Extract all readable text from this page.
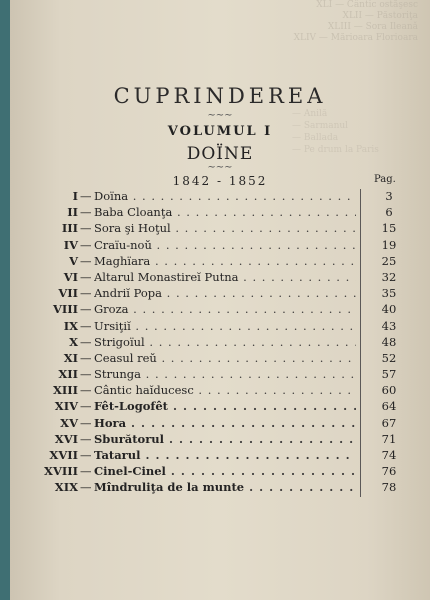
XLI — Cântic ostăşesc
XLII — Păstoriţa
XLIII — Sora Ileanǎ
XLIV — Mărioara Florioara
— Anilă
— Sarmanul
— Ballada
— Pe drum la Paris
CUPRINDEREA
∼∼∼
VOLUMUL I
DOÏNE
∼∼∼
1842 - 1852	Pag.
I — Doïna . . .	3
II — Baba Cloanţa . . .	6
III — Sora şi Hoţul . . .	15
IV — Craïu-noŭ . . .	19
V — Maghïara . . .	25
VI — Altarul Monastireĭ Putna . . .	32
VII — Andriĭ Popa . . .	35
VIII — Groza . . .	40
IX — Ursiţiĭ . . .	43
X — Strigoïul . . .	48
XI — Ceasul reŭ . . .	52
XII — Strunga . . .	57
XIII — Cântic haĭducesc . . .	60
XIV — Fêt-Logofêt . . .	64
XV — Hora . . .	67
XVI — Sburătorul . . .	71
XVII — Tatarul . . .	74
XVIII — Cinel-Cinel . . .	76
XIX — Mîndruliţa de la munte . . .	78
